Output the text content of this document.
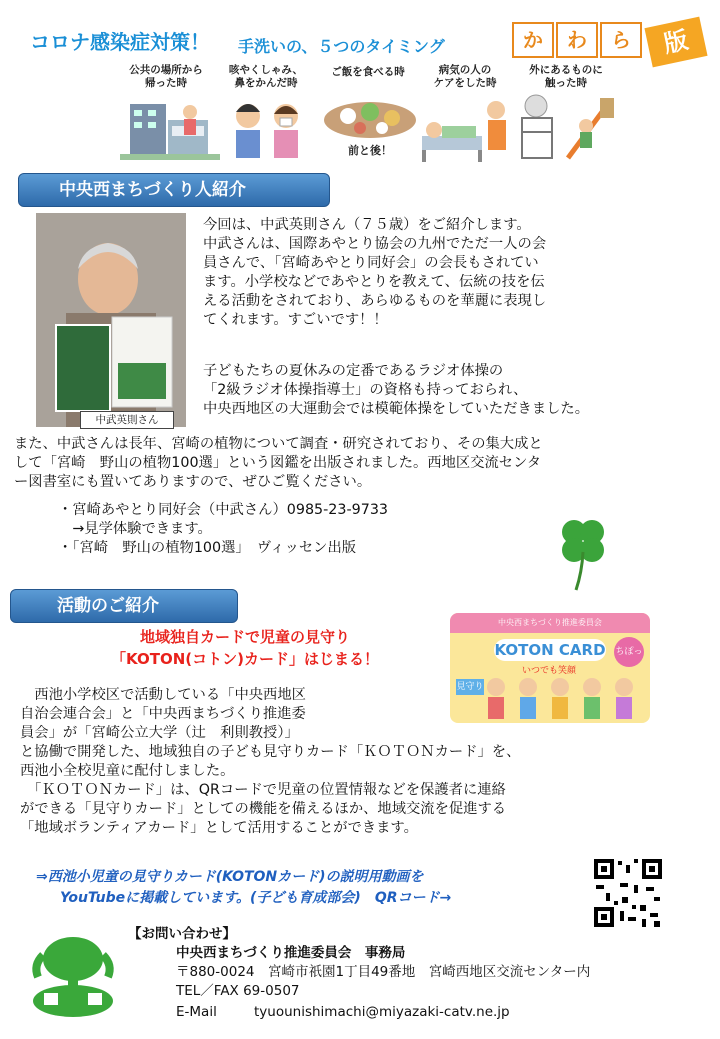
コロナ感染症対策！ 手洗いの、５つのタイミング	か	わ	ら	版
公共の場所から
帰った時
咳やくしゃみ、
鼻をかんだ時
ご飯を食べる時	病気の人の
ケアをした時
外にあるものに
触った時
前と後！
中央西まちづくり人紹介
中武英則さん

今回は、中武英則さん（７５歳）をご紹介します。

中武さんは、国際あやとり協会の九州でただ一人の会

員さんで、「宮崎あやとり同好会」の会長もされてい

ます。小学校などであやとりを教えて、伝統の技を伝

える活動をされており、あらゆるものを華麗に表現し

てくれます。すごいです！！

子どもたちの夏休みの定番であるラジオ体操の

「2級ラジオ体操指導士」の資格も持っておられ、

中央西地区の大運動会では模範体操をしていただきました。

また、中武さんは長年、宮崎の植物について調査・研究されており、その集大成と

して「宮崎　野山の植物100選」という図鑑を出版されました。西地区交流センタ

ー図書室にも置いてありますので、ぜひご覧ください。

・宮崎あやとり同好会（中武さん）0985-23-9733

　→見学体験できます。

・「宮崎　野山の植物100選」　ヴィッセン出版

活動のご紹介
地域独自カードで児童の見守り
「KOTON(コトン)カード」はじまる！
中央西まちづくり推進委員会
KOTON CARD
いつでも笑顔
ちぽっ
見守り

　西池小学校区で活動している「中央西地区

自治会連合会」と「中央西まちづくり推進委

員会」が「宮崎公立大学（辻　利則教授）」

と協働で開発した、地域独自の子ども見守りカード「ＫＯＴＯＮカード」を、

西池小全校児童に配付しました。

　「ＫＯＴＯＮカード」は、QRコードで児童の位置情報などを保護者に連絡

ができる「見守りカード」としての機能を備えるほか、地域交流を促進する

「地域ボランティアカード」として活用することができます。

⇒西池小児童の見守りカード(KOTONカード)の説明用動画を
YouTubeに掲載しています。(子ども育成部会)　QRコード→
【お問い合わせ】
中央西まちづくり推進委員会　事務局
〒880-0024　宮崎市祇園1丁目49番地　宮崎西地区交流センター内
TEL／FAX 69-0507
E-Mail	tyuounishimachi@miyazaki‐catv.ne.jp
